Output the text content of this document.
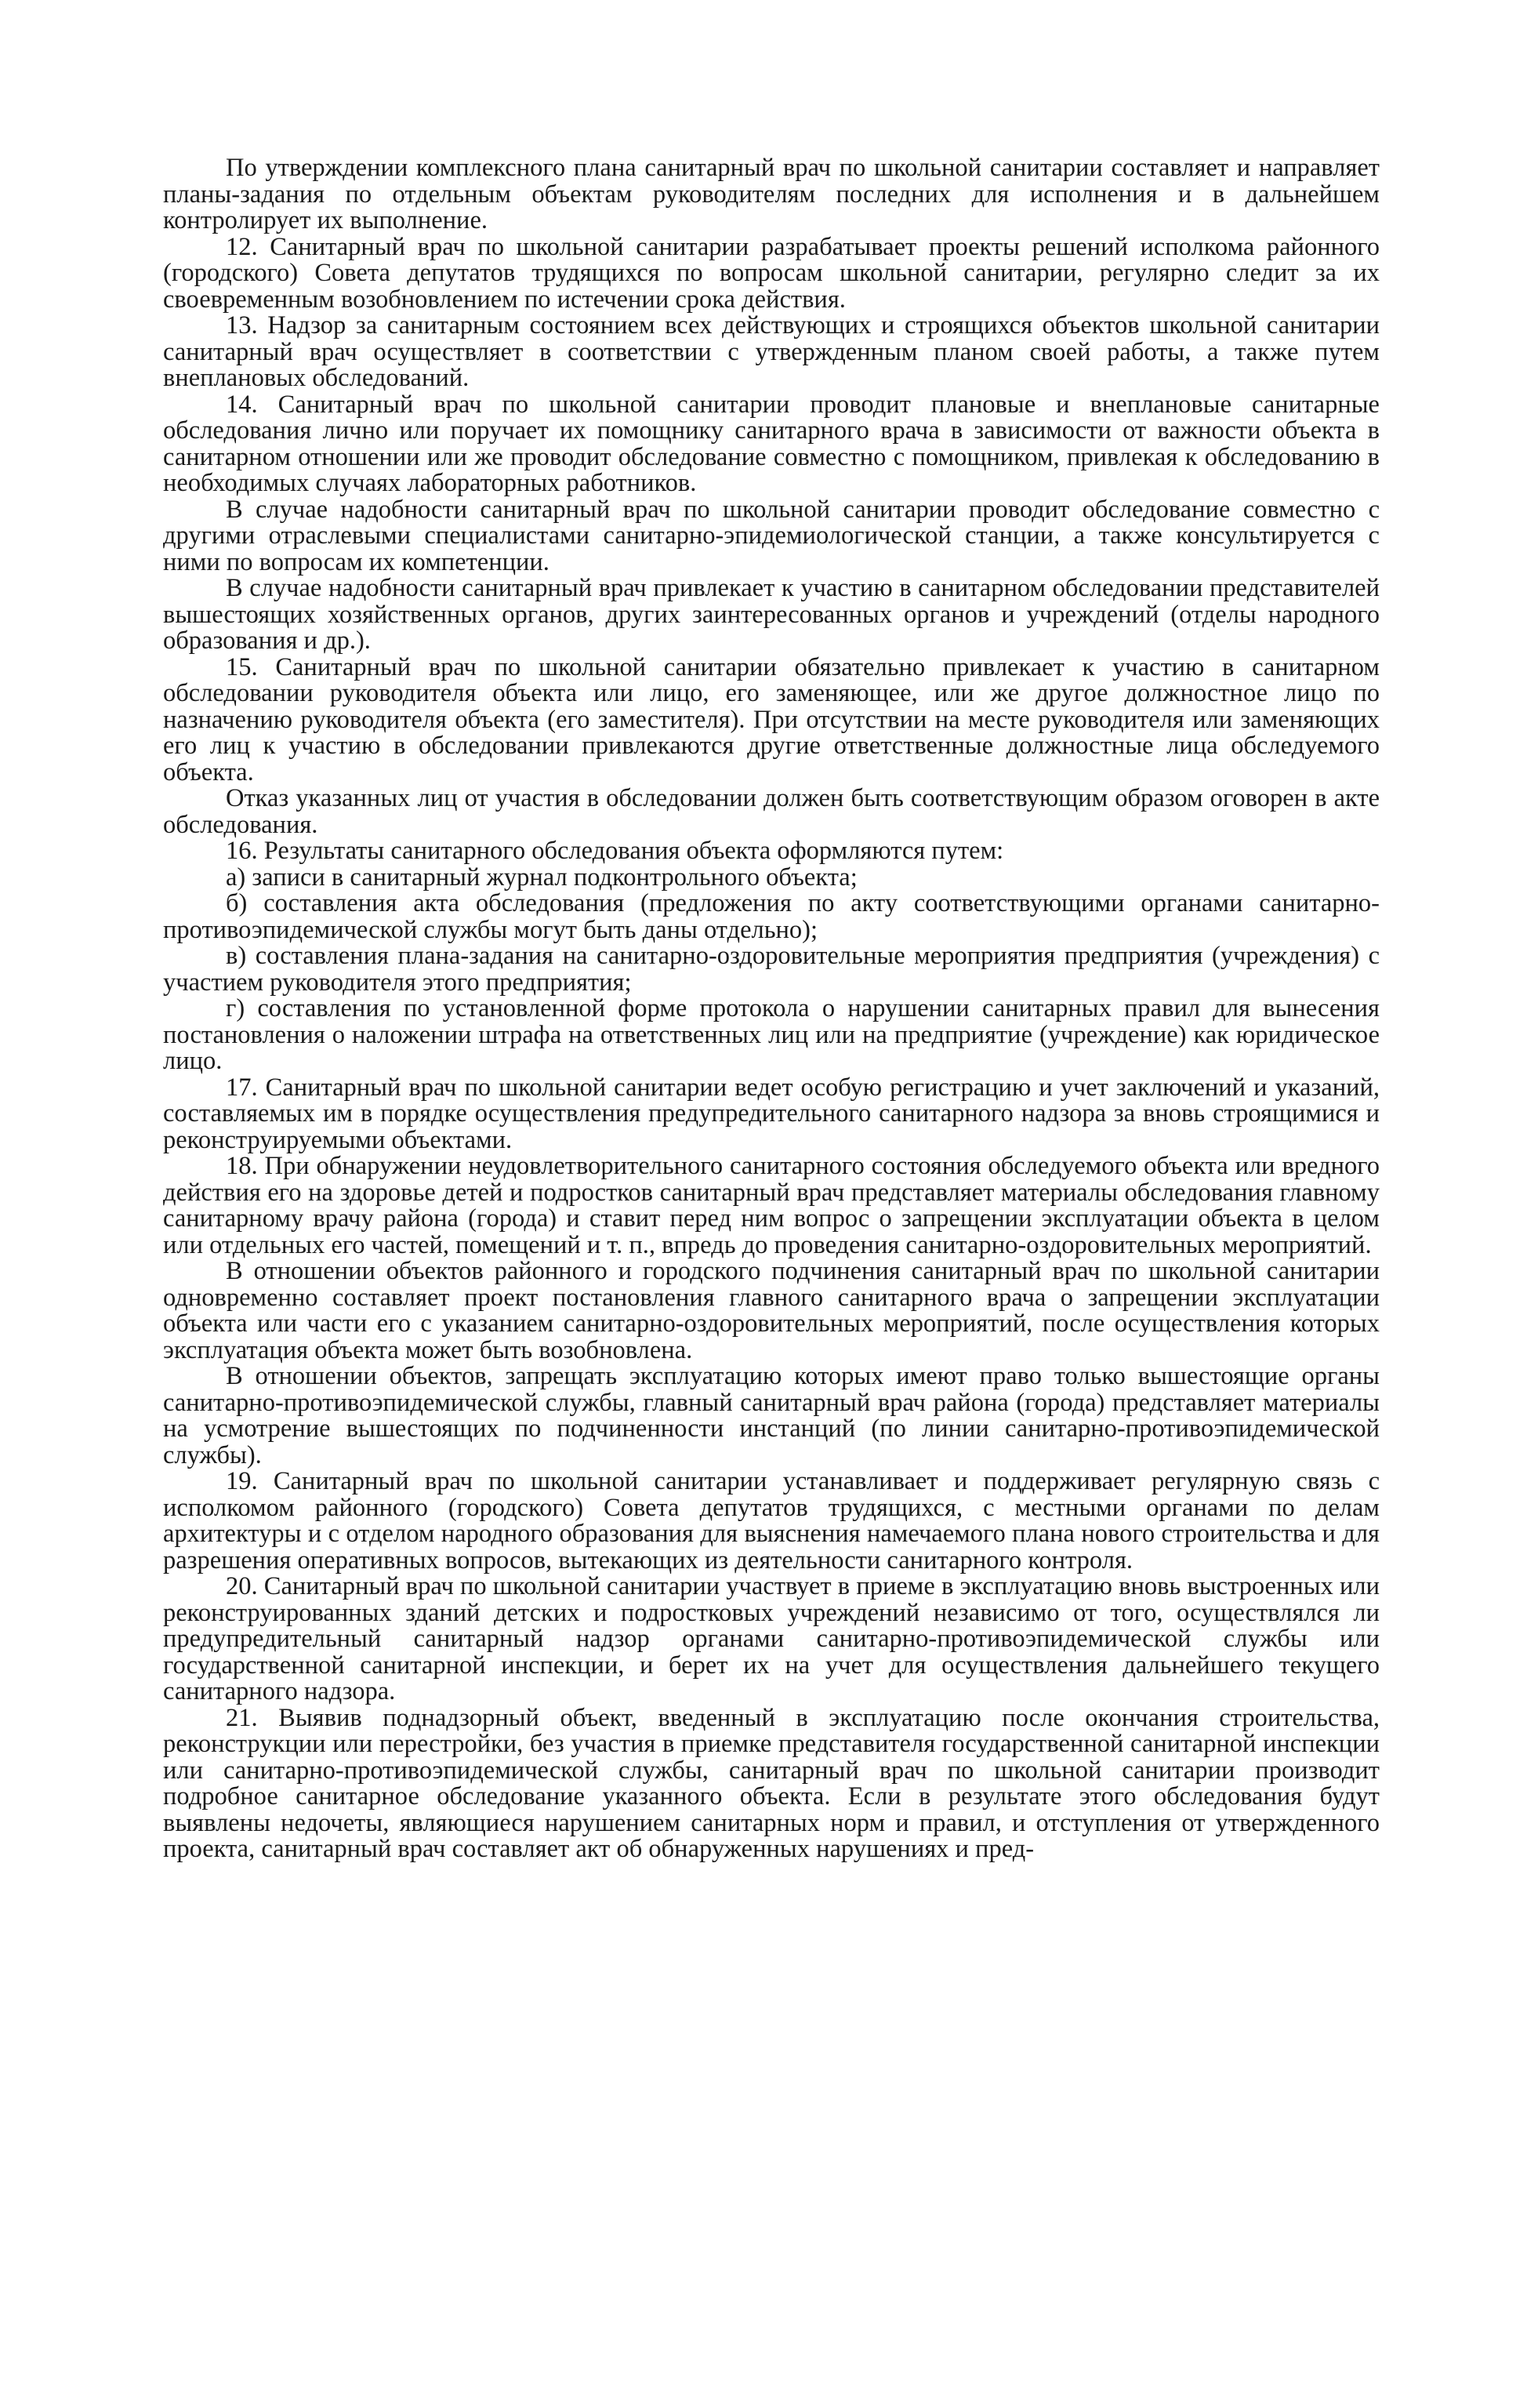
По утверждении комплексного плана санитарный врач по школьной санитарии составляет и направляет планы-задания по отдельным объектам руководителям последних для исполнения и в дальнейшем контролирует их выполнение.

12. Санитарный врач по школьной санитарии разрабатывает проекты решений исполкома районного (городского) Совета депутатов трудящихся по вопросам школьной санитарии, регулярно следит за их своевременным возобновлением по истечении срока действия.

13. Надзор за санитарным состоянием всех действующих и строящихся объектов школьной санитарии санитарный врач осуществляет в соответствии с утвержденным планом своей работы, а также путем внеплановых обследований.

14. Санитарный врач по школьной санитарии проводит плановые и внеплановые санитарные обследования лично или поручает их помощнику санитарного врача в зависимости от важности объекта в санитарном отношении или же проводит обследование совместно с помощником, привлекая к обследованию в необходимых случаях лабораторных работников.

В случае надобности санитарный врач по школьной санитарии проводит обследование совместно с другими отраслевыми специалистами санитарно-эпидемиологической станции, а также консультируется с ними по вопросам их компетенции.

В случае надобности санитарный врач привлекает к участию в санитарном обследовании представителей вышестоящих хозяйственных органов, других заинтересованных органов и учреждений (отделы народного образования и др.).

15. Санитарный врач по школьной санитарии обязательно привлекает к участию в санитарном обследовании руководителя объекта или лицо, его заменяющее, или же другое должностное лицо по назначению руководителя объекта (его заместителя). При отсутствии на месте руководителя или заменяющих его лиц к участию в обследовании привлекаются другие ответственные должностные лица обследуемого объекта.

Отказ указанных лиц от участия в обследовании должен быть соответствующим образом оговорен в акте обследования.

16. Результаты санитарного обследования объекта оформляются путем:

а) записи в санитарный журнал подконтрольного объекта;

б) составления акта обследования (предложения по акту соответствующими органами санитарно-противоэпидемической службы могут быть даны отдельно);

в) составления плана-задания на санитарно-оздоровительные мероприятия предприятия (учреждения) с участием руководителя этого предприятия;

г) составления по установленной форме протокола о нарушении санитарных правил для вынесения постановления о наложении штрафа на ответственных лиц или на предприятие (учреждение) как юридическое лицо.

17. Санитарный врач по школьной санитарии ведет особую регистрацию и учет заключений и указаний, составляемых им в порядке осуществления предупредительного санитарного надзора за вновь строящимися и реконструируемыми объектами.

18. При обнаружении неудовлетворительного санитарного состояния обследуемого объекта или вредного действия его на здоровье детей и подростков санитарный врач представляет материалы обследования главному санитарному врачу района (города) и ставит перед ним вопрос о запрещении эксплуатации объекта в целом или отдельных его частей, помещений и т. п., впредь до проведения санитарно-оздоровительных мероприятий.

В отношении объектов районного и городского подчинения санитарный врач по школьной санитарии одновременно составляет проект постановления главного санитарного врача о запрещении эксплуатации объекта или части его с указанием санитарно-оздоровительных мероприятий, после осуществления которых эксплуатация объекта может быть возобновлена.

В отношении объектов, запрещать эксплуатацию которых имеют право только вышестоящие органы санитарно-противоэпидемической службы, главный санитарный врач района (города) представляет материалы на усмотрение вышестоящих по подчиненности инстанций (по линии санитарно-противоэпидемической службы).

19. Санитарный врач по школьной санитарии устанавливает и поддерживает регулярную связь с исполкомом районного (городского) Совета депутатов трудящихся, с местными органами по делам архитектуры и с отделом народного образования для выяснения намечаемого плана нового строительства и для разрешения оперативных вопросов, вытекающих из деятельности санитарного контроля.

20. Санитарный врач по школьной санитарии участвует в приеме в эксплуатацию вновь выстроенных или реконструированных зданий детских и подростковых учреждений независимо от того, осуществлялся ли предупредительный санитарный надзор органами санитарно-противоэпидемической службы или государственной санитарной инспекции, и берет их на учет для осуществления дальнейшего текущего санитарного надзора.

21. Выявив поднадзорный объект, введенный в эксплуатацию после окончания строительства, реконструкции или перестройки, без участия в приемке представителя государственной санитарной инспекции или санитарно-противоэпидемической службы, санитарный врач по школьной санитарии производит подробное санитарное обследование указанного объекта. Если в результате этого обследования будут выявлены недочеты, являющиеся нарушением санитарных норм и правил, и отступления от утвержденного проекта, санитарный врач составляет акт об обнаруженных нарушениях и пред-
